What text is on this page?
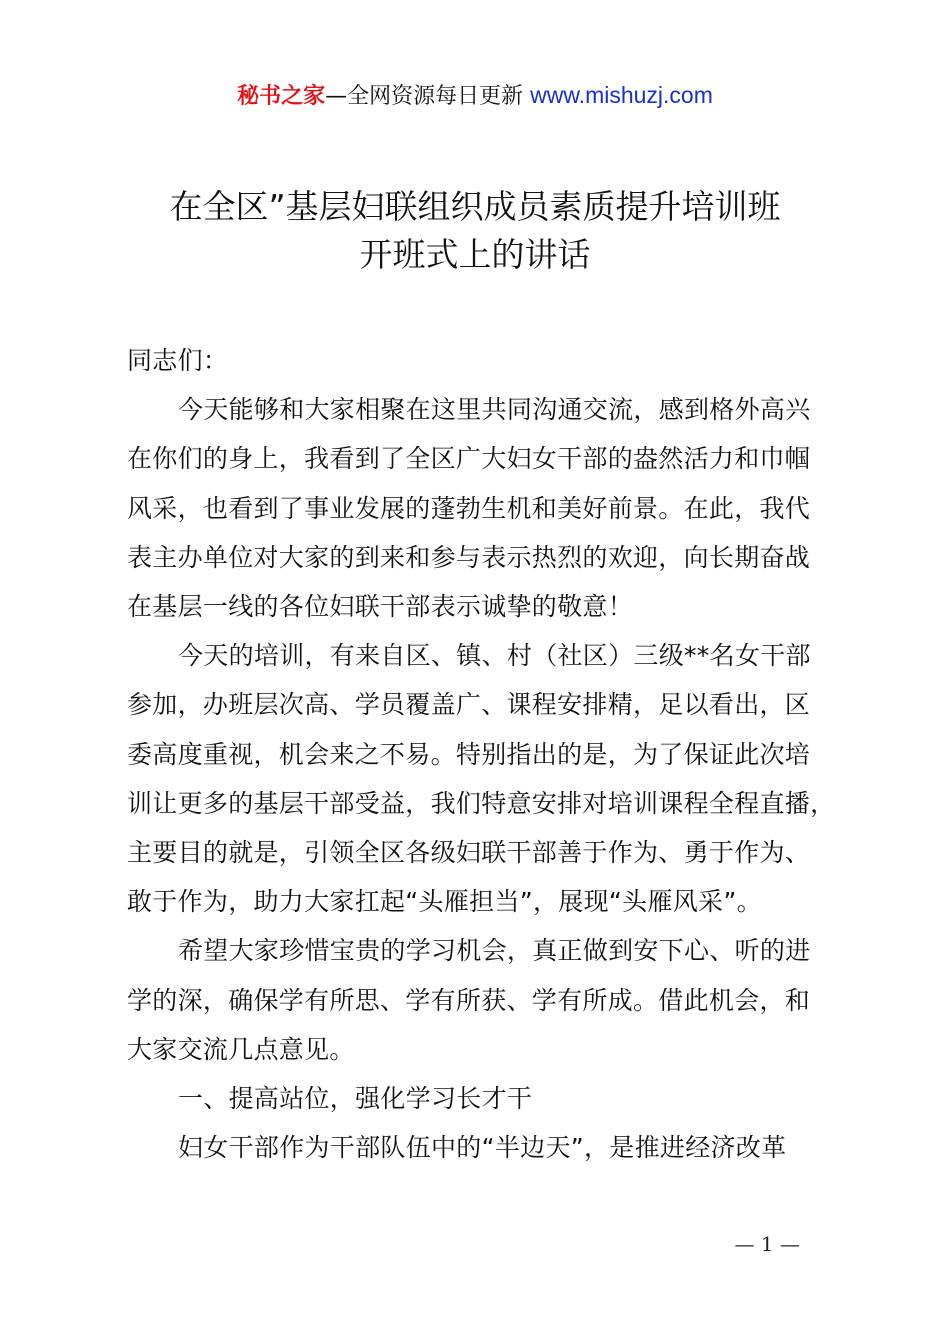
秘书之家—全网资源每日更新 www.mishuzj.com
在全区”基层妇联组织成员素质提升培训班
开班式上的讲话
同志们：
今天能够和大家相聚在这里共同沟通交流，感到格外高兴
在你们的身上，我看到了全区广大妇女干部的盎然活力和巾帼
风采，也看到了事业发展的蓬勃生机和美好前景。在此，我代
表主办单位对大家的到来和参与表示热烈的欢迎，向长期奋战
在基层一线的各位妇联干部表示诚挚的敬意！
今天的培训，有来自区、镇、村（社区）三级**名女干部
参加，办班层次高、学员覆盖广、课程安排精，足以看出，区
委高度重视，机会来之不易。特别指出的是，为了保证此次培
训让更多的基层干部受益，我们特意安排对培训课程全程直播，
主要目的就是，引领全区各级妇联干部善于作为、勇于作为、
敢于作为，助力大家扛起“头雁担当”，展现“头雁风采”。
希望大家珍惜宝贵的学习机会，真正做到安下心、听的进
学的深，确保学有所思、学有所获、学有所成。借此机会，和
大家交流几点意见。
一、提高站位，强化学习长才干
妇女干部作为干部队伍中的“半边天”，是推进经济改革
— 1 —
